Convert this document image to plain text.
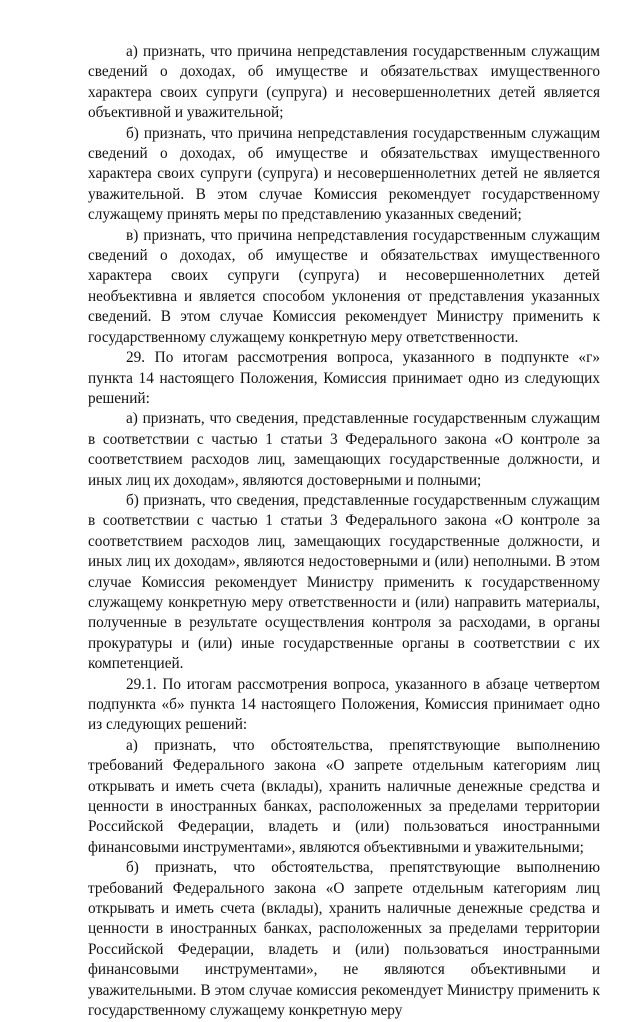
а) признать, что причина непредставления государственным служащим сведений о доходах, об имуществе и обязательствах имущественного характера своих супруги (супруга) и несовершеннолетних детей является объективной и уважительной;

б) признать, что причина непредставления государственным служащим сведений о доходах, об имуществе и обязательствах имущественного характера своих супруги (супруга) и несовершеннолетних детей не является уважительной. В этом случае Комиссия рекомендует государственному служащему принять меры по представлению указанных сведений;

в) признать, что причина непредставления государственным служащим сведений о доходах, об имуществе и обязательствах имущественного характера своих супруги (супруга) и несовершеннолетних детей необъективна и является способом уклонения от представления указанных сведений. В этом случае Комиссия рекомендует Министру применить к государственному служащему конкретную меру ответственности.

29. По итогам рассмотрения вопроса, указанного в подпункте «г» пункта 14 настоящего Положения, Комиссия принимает одно из следующих решений:

а) признать, что сведения, представленные государственным служащим в соответствии с частью 1 статьи 3 Федерального закона «О контроле за соответствием расходов лиц, замещающих государственные должности, и иных лиц их доходам», являются достоверными и полными;

б) признать, что сведения, представленные государственным служащим в соответствии с частью 1 статьи 3 Федерального закона «О контроле за соответствием расходов лиц, замещающих государственные должности, и иных лиц их доходам», являются недостоверными и (или) неполными. В этом случае Комиссия рекомендует Министру применить к государственному служащему конкретную меру ответственности и (или) направить материалы, полученные в результате осуществления контроля за расходами, в органы прокуратуры и (или) иные государственные органы в соответствии с их компетенцией.

29.1. По итогам рассмотрения вопроса, указанного в абзаце четвертом подпункта «б» пункта 14 настоящего Положения, Комиссия принимает одно из следующих решений:

а) признать, что обстоятельства, препятствующие выполнению требований Федерального закона «О запрете отдельным категориям лиц открывать и иметь счета (вклады), хранить наличные денежные средства и ценности в иностранных банках, расположенных за пределами территории Российской Федерации, владеть и (или) пользоваться иностранными финансовыми инструментами», являются объективными и уважительными;

б) признать, что обстоятельства, препятствующие выполнению требований Федерального закона «О запрете отдельным категориям лиц открывать и иметь счета (вклады), хранить наличные денежные средства и ценности в иностранных банках, расположенных за пределами территории Российской Федерации, владеть и (или) пользоваться иностранными финансовыми инструментами», не являются объективными и уважительными. В этом случае комиссия рекомендует Министру применить к государственному служащему конкретную меру
